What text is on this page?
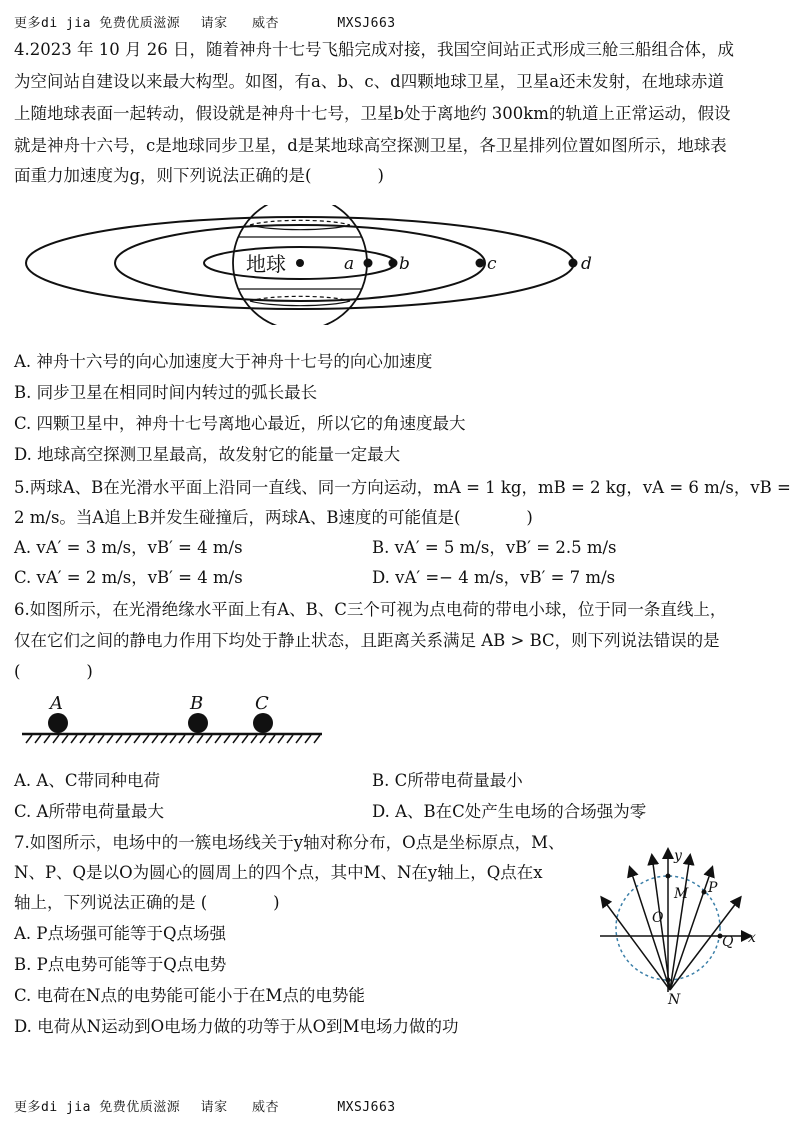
更多di jia 免费优质滋源 请家 威杏	MXSJ663
4.2023 年 10 月 26 日，随着神舟十七号飞船完成对接，我国空间站正式形成三舱三船组合体，成
为空间站自建设以来最大构型。如图，有a、b、c、d四颗地球卫星，卫星a还未发射，在地球赤道
上随地球表面一起转动，假设就是神舟十七号，卫星b处于离地约 300km的轨道上正常运动，假设
就是神舟十六号，c是地球同步卫星，d是某地球高空探测卫星，各卫星排列位置如图所示，地球表
面重力加速度为g，则下列说法正确的是(　　　　)
地球	a	b	c	d
A. 神舟十六号的向心加速度大于神舟十七号的向心加速度
B. 同步卫星在相同时间内转过的弧长最长
C. 四颗卫星中，神舟十七号离地心最近，所以它的角速度最大
D. 地球高空探测卫星最高，故发射它的能量一定最大
5.两球A、B在光滑水平面上沿同一直线、同一方向运动，mA = 1 kg，mB = 2 kg，vA = 6 m/s，vB =
2 m/s。当A追上B并发生碰撞后，两球A、B速度的可能值是(　　　　)
A. vA′ = 3 m/s，vB′ = 4 m/s	B. vA′ = 5 m/s，vB′ = 2.5 m/s
C. vA′ = 2 m/s，vB′ = 4 m/s	D. vA′ =− 4 m/s，vB′ = 7 m/s
6.如图所示，在光滑绝缘水平面上有A、B、C三个可视为点电荷的带电小球，位于同一条直线上，
仅在它们之间的静电力作用下均处于静止状态，且距离关系满足 AB > BC，则下列说法错误的是
(　　　　)
A	B	C
A. A、C带同种电荷	B. C所带电荷量最小
C. A所带电荷量最大	D. A、B在C处产生电场的合场强为零
7.如图所示，电场中的一簇电场线关于y轴对称分布，O点是坐标原点，M、
N、P、Q是以O为圆心的圆周上的四个点，其中M、N在y轴上，Q点在x
轴上，下列说法正确的是 (　　　　)
A. P点场强可能等于Q点场强
B. P点电势可能等于Q点电势
C. 电荷在N点的电势能可能小于在M点的电势能
D. 电荷从N运动到O电场力做的功等于从O到M电场力做的功
y
x
O
M P
Q
N
更多di jia 免费优质滋源 请家 威杏	MXSJ663
